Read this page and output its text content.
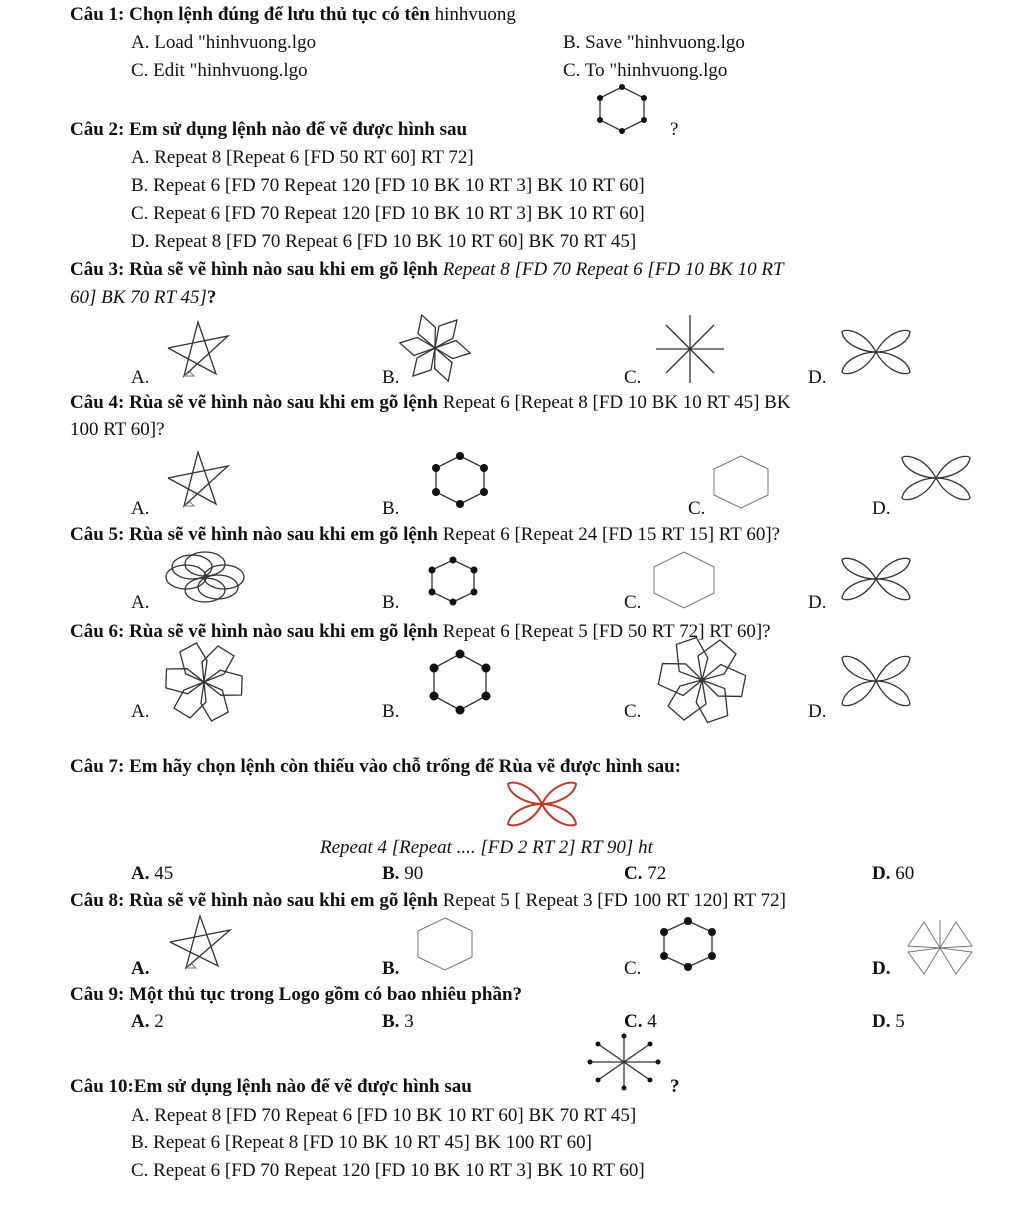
Câu 1: Chọn lệnh đúng để lưu thủ tục có tên hinhvuong
A. Load "hinhvuong.lgo	B. Save "hinhvuong.lgo
C. Edit "hinhvuong.lgo	C. To "hinhvuong.lgo
Câu 2: Em sử dụng lệnh nào để vẽ được hình sau	?
A. Repeat 8 [Repeat 6 [FD 50 RT 60] RT 72]
B. Repeat 6 [FD 70 Repeat 120 [FD 10 BK 10 RT 3] BK 10 RT 60]
C. Repeat 6 [FD 70 Repeat 120 [FD 10 BK 10 RT 3] BK 10 RT 60]
D. Repeat 8 [FD 70 Repeat 6 [FD 10 BK 10 RT 60] BK 70 RT 45]
Câu 3: Rùa sẽ vẽ hình nào sau khi em gõ lệnh Repeat 8 [FD 70 Repeat 6 [FD 10 BK 10 RT
60] BK 70 RT 45]?
A.	B.	C.	D.
Câu 4: Rùa sẽ vẽ hình nào sau khi em gõ lệnh Repeat 6 [Repeat 8 [FD 10 BK 10 RT 45] BK
100 RT 60]?
A.	B.	C.	D.
Câu 5: Rùa sẽ vẽ hình nào sau khi em gõ lệnh Repeat 6 [Repeat 24 [FD 15 RT 15] RT 60]?
A.	B.	C.	D.
Câu 6: Rùa sẽ vẽ hình nào sau khi em gõ lệnh Repeat 6 [Repeat 5 [FD 50 RT 72] RT 60]?
A.	B.	C.	D.
Câu 7: Em hãy chọn lệnh còn thiếu vào chỗ trống để Rùa vẽ được hình sau:
Repeat 4 [Repeat .... [FD 2 RT 2] RT 90] ht
A. 45	B. 90	C. 72	D. 60
Câu 8: Rùa sẽ vẽ hình nào sau khi em gõ lệnh Repeat 5 [ Repeat 3 [FD 100 RT 120] RT 72]
A.	B.	C.	D.
Câu 9: Một thủ tục trong Logo gồm có bao nhiêu phần?
A. 2	B. 3	C. 4	D. 5
Câu 10:Em sử dụng lệnh nào để vẽ được hình sau	?
A. Repeat 8 [FD 70 Repeat 6 [FD 10 BK 10 RT 60] BK 70 RT 45]
B. Repeat 6 [Repeat 8 [FD 10 BK 10 RT 45] BK 100 RT 60]
C. Repeat 6 [FD 70 Repeat 120 [FD 10 BK 10 RT 3] BK 10 RT 60]
